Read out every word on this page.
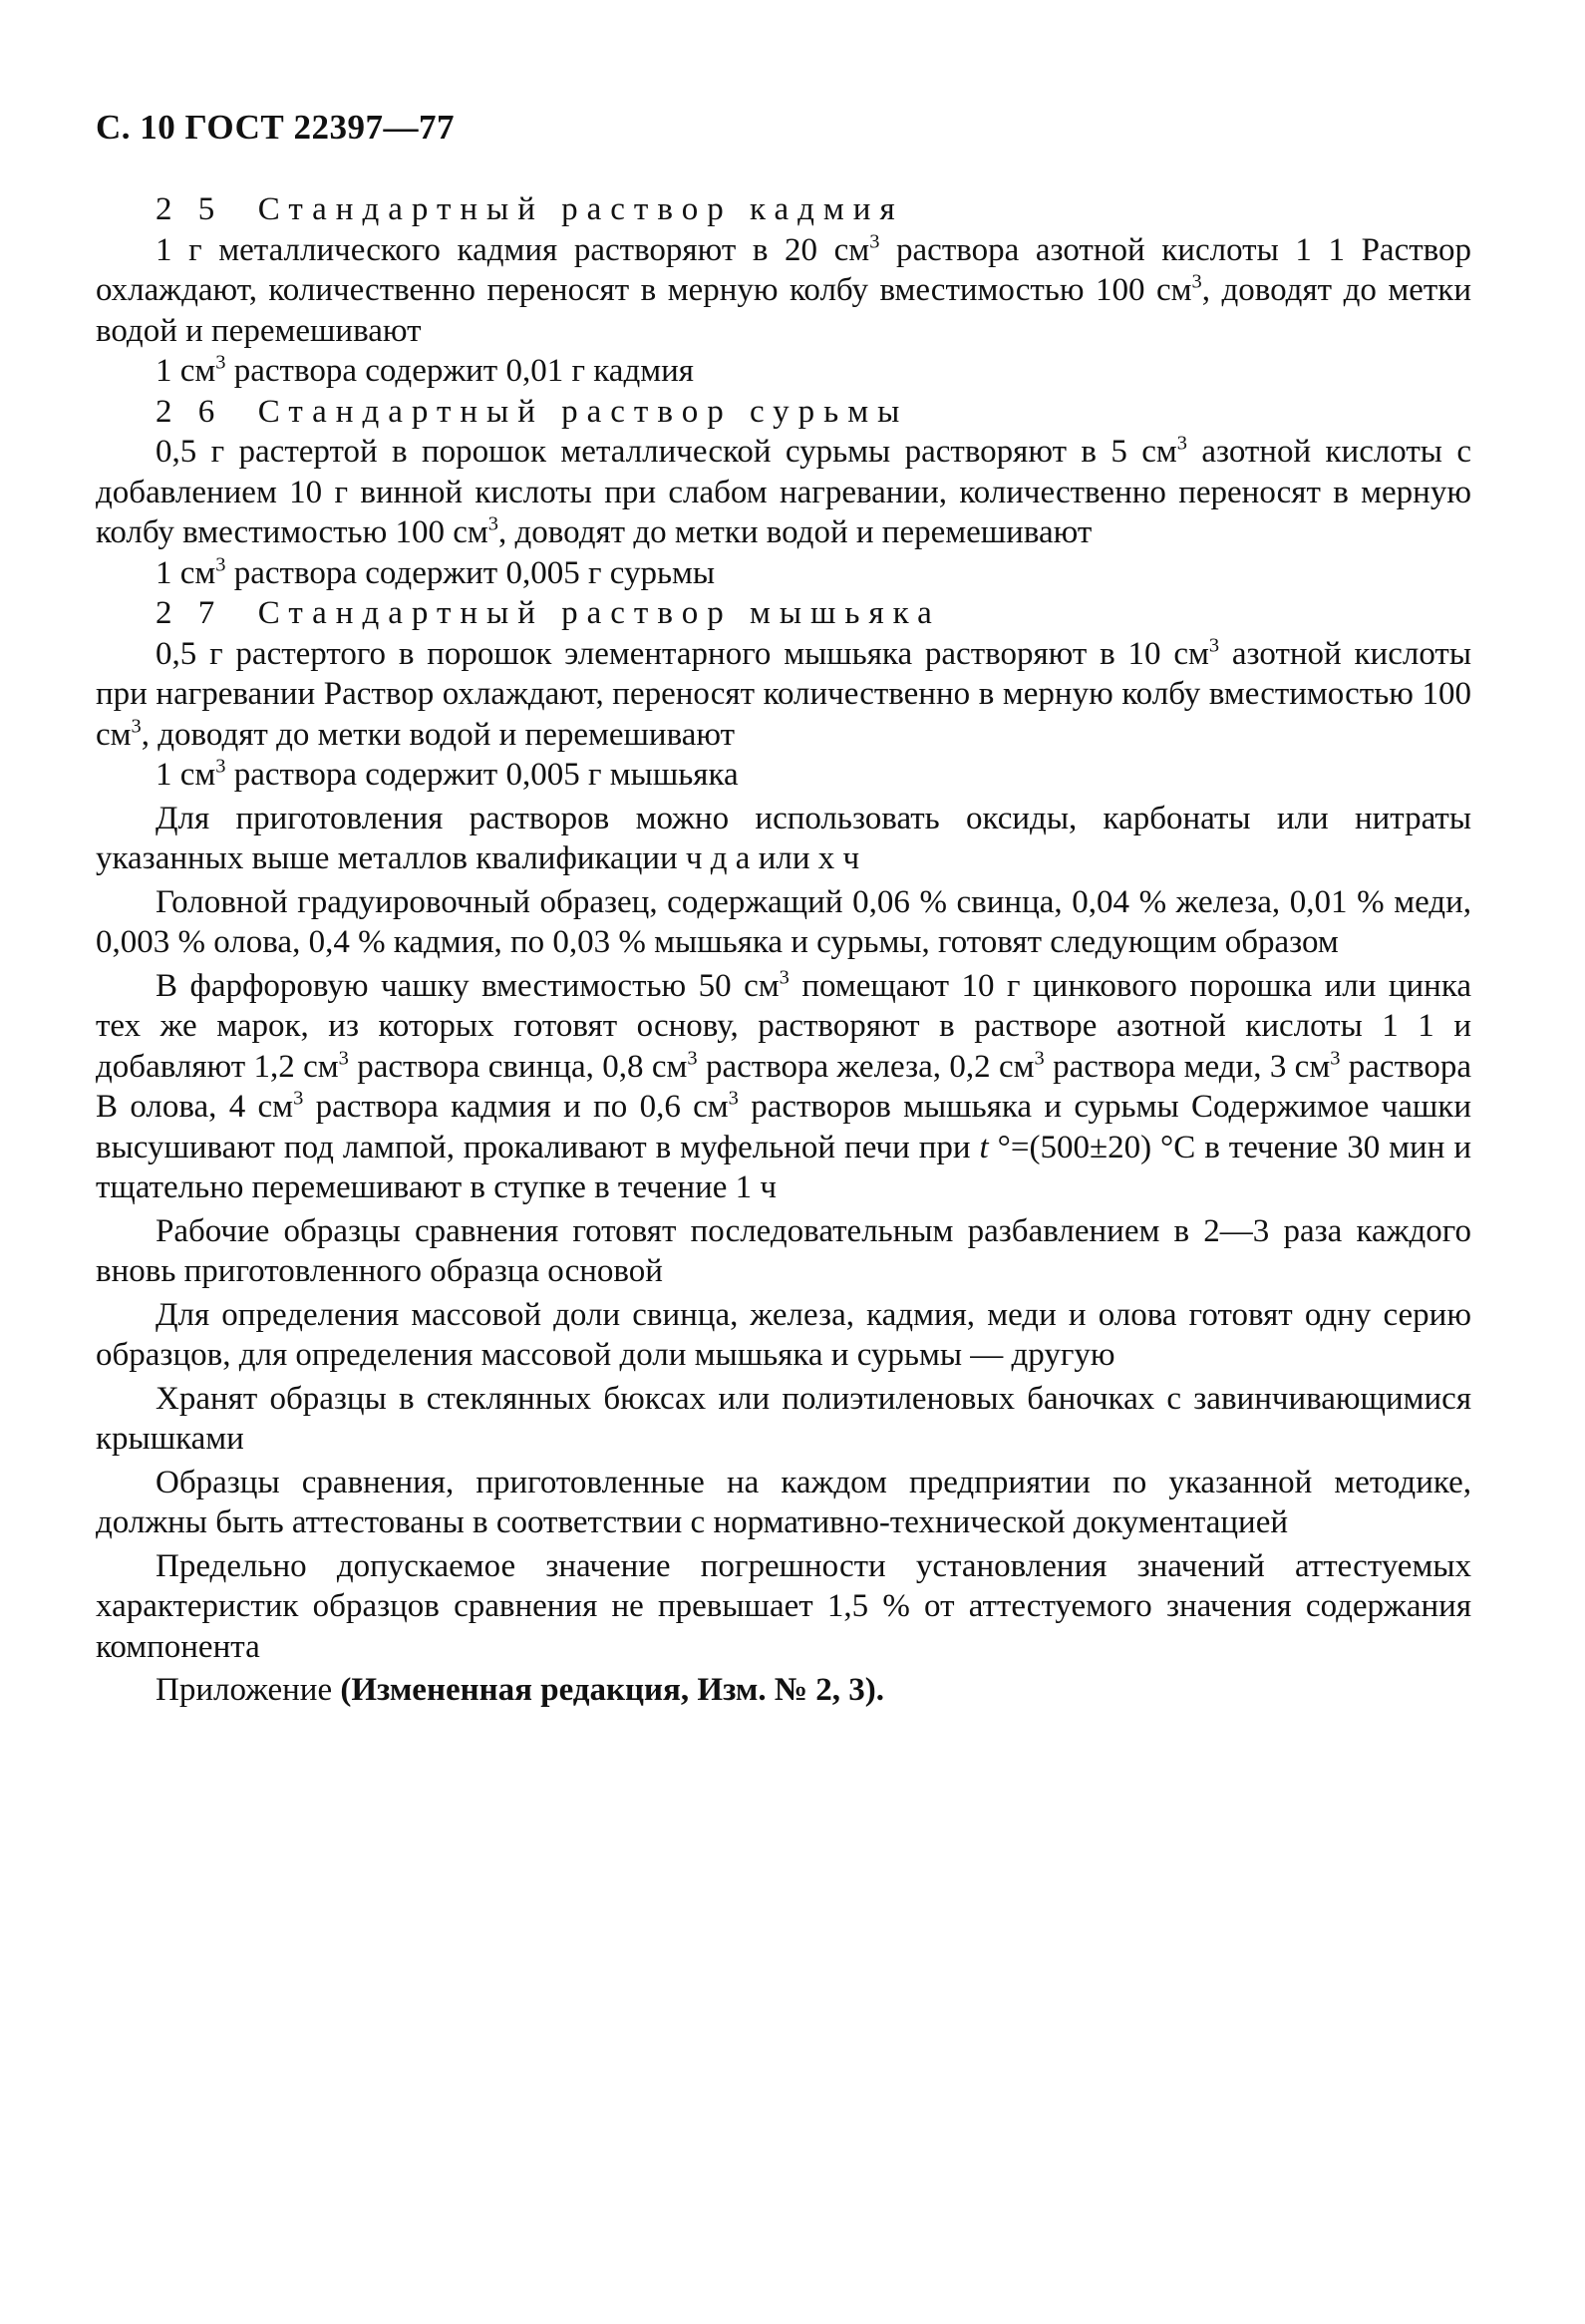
С. 10 ГОСТ 22397—77
2 5 Стандартный раствор кадмия

1 г металлического кадмия растворяют в 20 $см^3$ раствора азотной кислоты 1 1 Раствор охлаждают, количественно переносят в мерную колбу вместимостью 100 $см^3$, доводят до метки водой и перемешивают

1 $см^3$ раствора содержит 0,01 г кадмия

2 6 Стандартный раствор сурьмы

0,5 г растертой в порошок металлической сурьмы растворяют в 5 $см^3$ азотной кислоты с добавлением 10 г винной кислоты при слабом нагревании, количественно переносят в мерную колбу вместимостью 100 $см^3$, доводят до метки водой и перемешивают

1 $см^3$ раствора содержит 0,005 г сурьмы

2 7 Стандартный раствор мышьяка

0,5 г растертого в порошок элементарного мышьяка растворяют в 10 $см^3$ азотной кислоты при нагревании Раствор охлаждают, переносят количественно в мерную колбу вместимостью 100 $см^3$, доводят до метки водой и перемешивают

1 $см^3$ раствора содержит 0,005 г мышьяка

Для приготовления растворов можно использовать оксиды, карбонаты или нитраты указанных выше металлов квалификации ч д а или х ч

Головной градуировочный образец, содержащий 0,06 % свинца, 0,04 % железа, 0,01 % меди, 0,003 % олова, 0,4 % кадмия, по 0,03 % мышьяка и сурьмы, готовят следующим образом

В фарфоровую чашку вместимостью 50 $см^3$ помещают 10 г цинкового порошка или цинка тех же марок, из которых готовят основу, растворяют в растворе азотной кислоты 1 1 и добавляют 1,2 $см^3$ раствора свинца, 0,8 $см^3$ раствора железа, 0,2 $см^3$ раствора меди, 3 $см^3$ раствора В олова, 4 $см^3$ раствора кадмия и по 0,6 $см^3$ растворов мышьяка и сурьмы Содержимое чашки высушивают под лампой, прокаливают в муфельной печи при t °=(500±20) °С в течение 30 мин и тщательно перемешивают в ступке в течение 1 ч

Рабочие образцы сравнения готовят последовательным разбавлением в 2—3 раза каждого вновь приготовленного образца основой

Для определения массовой доли свинца, железа, кадмия, меди и олова готовят одну серию образцов, для определения массовой доли мышьяка и сурьмы — другую

Хранят образцы в стеклянных бюксах или полиэтиленовых баночках с завинчивающимися крышками

Образцы сравнения, приготовленные на каждом предприятии по указанной методике, должны быть аттестованы в соответствии с нормативно-технической документацией

Предельно допускаемое значение погрешности установления значений аттестуемых характеристик образцов сравнения не превышает 1,5 % от аттестуемого значения содержания компонента

Приложение (Измененная редакция, Изм. № 2, 3).
